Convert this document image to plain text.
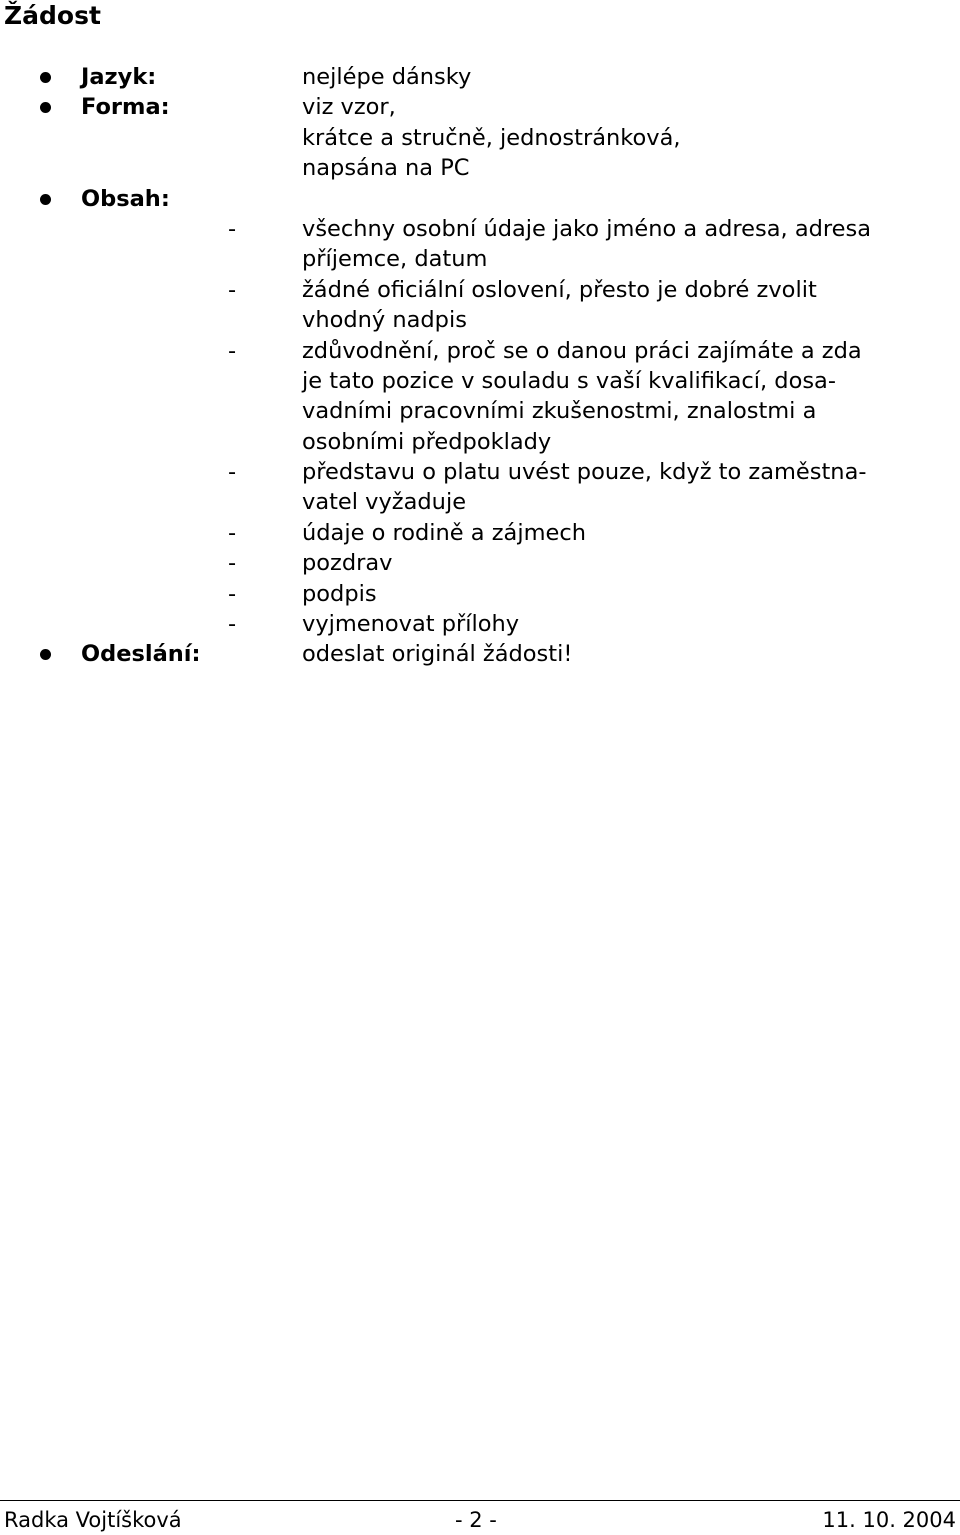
Žádost
Jazyk:	nejlépe dánsky
Forma:	viz vzor,
krátce a stručně, jednostránková,
napsána na PC
Obsah:
-	všechny osobní údaje jako jméno a adresa, adresa
příjemce, datum
-	žádné oficiální oslovení, přesto je dobré zvolit
vhodný nadpis
-	zdůvodnění, proč se o danou práci zajímáte a zda
je tato pozice v souladu s vaší kvalifikací, dosa-
vadními pracovními zkušenostmi, znalostmi a
osobními předpoklady
-	představu o platu uvést pouze, když to zaměstna-
vatel vyžaduje
-	údaje o rodině a zájmech
-	pozdrav
-	podpis
-	vyjmenovat přílohy
Odeslání:	odeslat originál žádosti!
Radka Vojtíšková	- 2 -	11. 10. 2004
